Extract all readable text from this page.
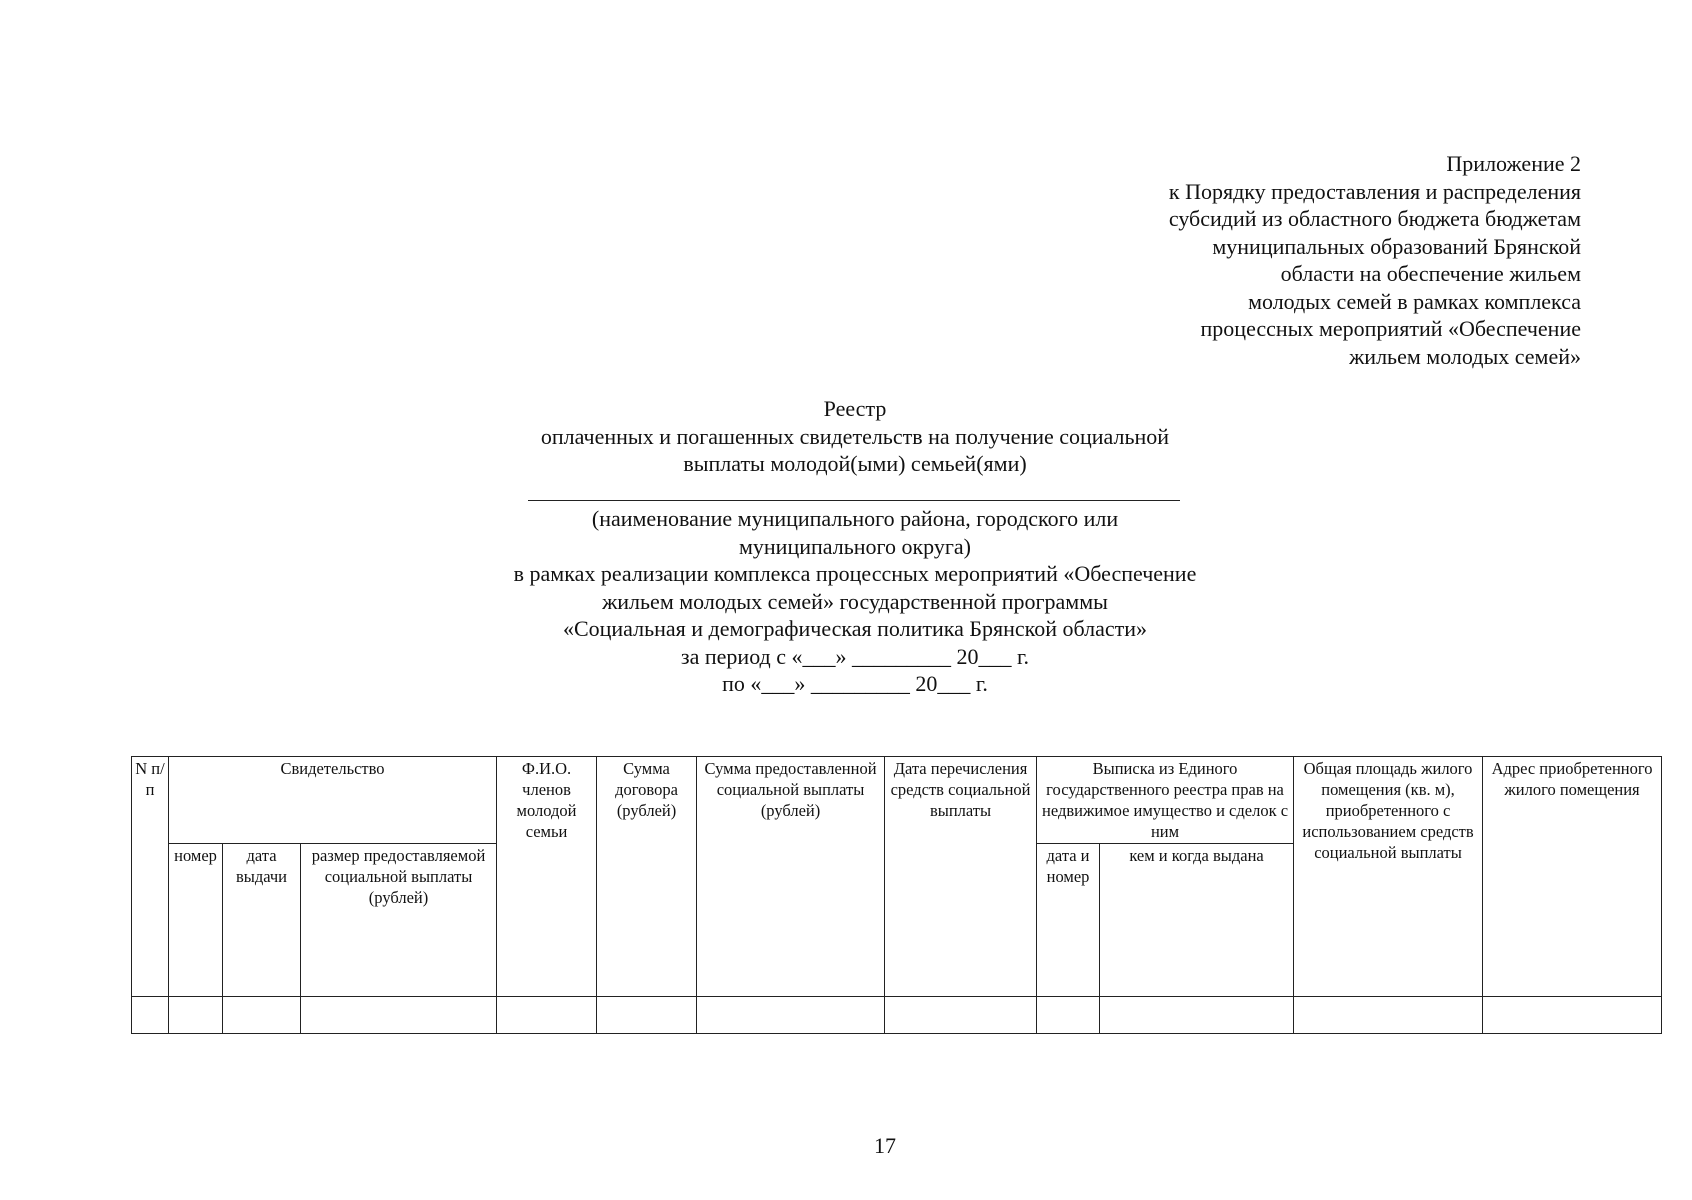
Приложение 2
к Порядку предоставления и распределения
субсидий из областного бюджета бюджетам
муниципальных образований Брянской
области на обеспечение жильем
молодых семей в рамках комплекса
процессных мероприятий «Обеспечение
жильем молодых семей»
Реестр
оплаченных и погашенных свидетельств на получение социальной
выплаты молодой(ыми) семьей(ями)
(наименование муниципального района, городского или
муниципального округа)
в рамках реализации комплекса процессных мероприятий «Обеспечение
жильем молодых семей» государственной программы
«Социальная и демографическая политика Брянской области»
за период с «___» _________ 20___ г.
по «___» _________ 20___ г.
N п/п	Свидетельство			Ф.И.О. членов молодой семьи	Сумма договора (рублей)	Сумма предоставленной социальной выплаты (рублей)	Дата перечисления средств социальной выплаты	Выписка из Единого государственного реестра прав на недвижимое имущество и сделок с ним		Общая площадь жилого помещения (кв. м), приобретенного с использованием средств социальной выплаты	Адрес приобретенного жилого помещения
	номер	дата выдачи	размер предоставляемой социальной выплаты (рублей)					дата и номер	кем и когда выдана		

17
